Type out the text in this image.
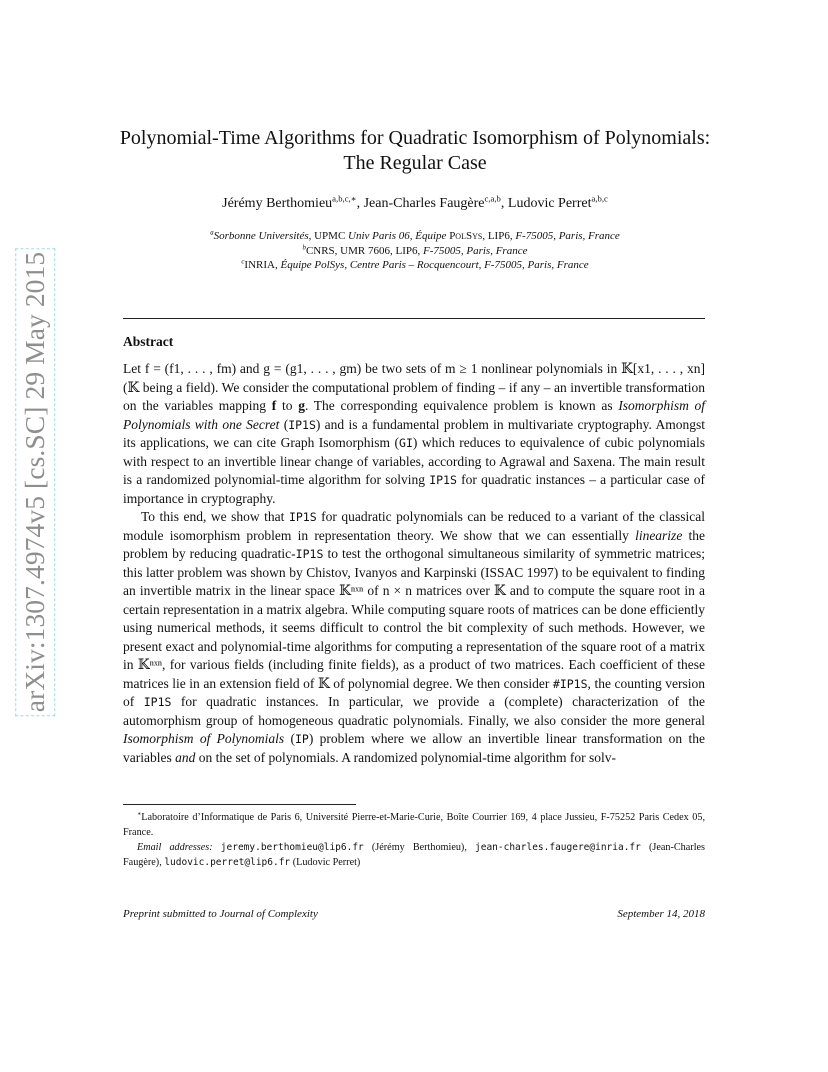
arXiv:1307.4974v5 [cs.SC] 29 May 2015
Polynomial-Time Algorithms for Quadratic Isomorphism of Polynomials:
The Regular Case
Jérémy Berthomieu$^{a,b,c,∗}$, Jean-Charles Faugère$^{c,a,b}$, Ludovic Perret$^{a,b,c}$
$^a$Sorbonne Universités, UPMC Univ Paris 06, Équipe PolSys, LIP6, F-75005, Paris, France
$^b$CNRS, UMR 7606, LIP6, F-75005, Paris, France
$^c$INRIA, Équipe PolSys, Centre Paris – Rocquencourt, F-75005, Paris, France
Abstract

Let f = (f1, . . . , fm) and g = (g1, . . . , gm) be two sets of m ≥ 1 nonlinear polynomials in 𝕂[x1, . . . , xn] (𝕂 being a field). We consider the computational problem of finding – if any – an invertible transformation on the variables mapping f to g. The corresponding equivalence problem is known as Isomorphism of Polynomials with one Secret (IP1S) and is a fundamental problem in multivariate cryptography. Amongst its applications, we can cite Graph Isomorphism (GI) which reduces to equivalence of cubic polynomials with respect to an invertible linear change of variables, according to Agrawal and Saxena. The main result is a randomized polynomial-time algorithm for solving IP1S for quadratic instances – a particular case of importance in cryptography.

To this end, we show that IP1S for quadratic polynomials can be reduced to a variant of the classical module isomorphism problem in representation theory. We show that we can essentially linearize the problem by reducing quadratic-IP1S to test the orthogonal simultaneous similarity of symmetric matrices; this latter problem was shown by Chistov, Ivanyos and Karpinski (ISSAC 1997) to be equivalent to finding an invertible matrix in the linear space 𝕂ⁿˣⁿ of n × n matrices over 𝕂 and to compute the square root in a certain representation in a matrix algebra. While computing square roots of matrices can be done efficiently using numerical methods, it seems difficult to control the bit complexity of such methods. However, we present exact and polynomial-time algorithms for computing a representation of the square root of a matrix in 𝕂ⁿˣⁿ, for various fields (including finite fields), as a product of two matrices. Each coefficient of these matrices lie in an extension field of 𝕂 of polynomial degree. We then consider #IP1S, the counting version of IP1S for quadratic instances. In particular, we provide a (complete) characterization of the automorphism group of homogeneous quadratic polynomials. Finally, we also consider the more general Isomorphism of Polynomials (IP) problem where we allow an invertible linear transformation on the variables and on the set of polynomials. A randomized polynomial-time algorithm for solv-

∗Laboratoire d’Informatique de Paris 6, Université Pierre-et-Marie-Curie, Boîte Courrier 169, 4 place Jussieu, F-75252 Paris Cedex 05, France.

Email addresses: jeremy.berthomieu@lip6.fr (Jérémy Berthomieu), jean-charles.faugere@inria.fr (Jean-Charles Faugère), ludovic.perret@lip6.fr (Ludovic Perret)

Preprint submitted to Journal of Complexity	September 14, 2018
